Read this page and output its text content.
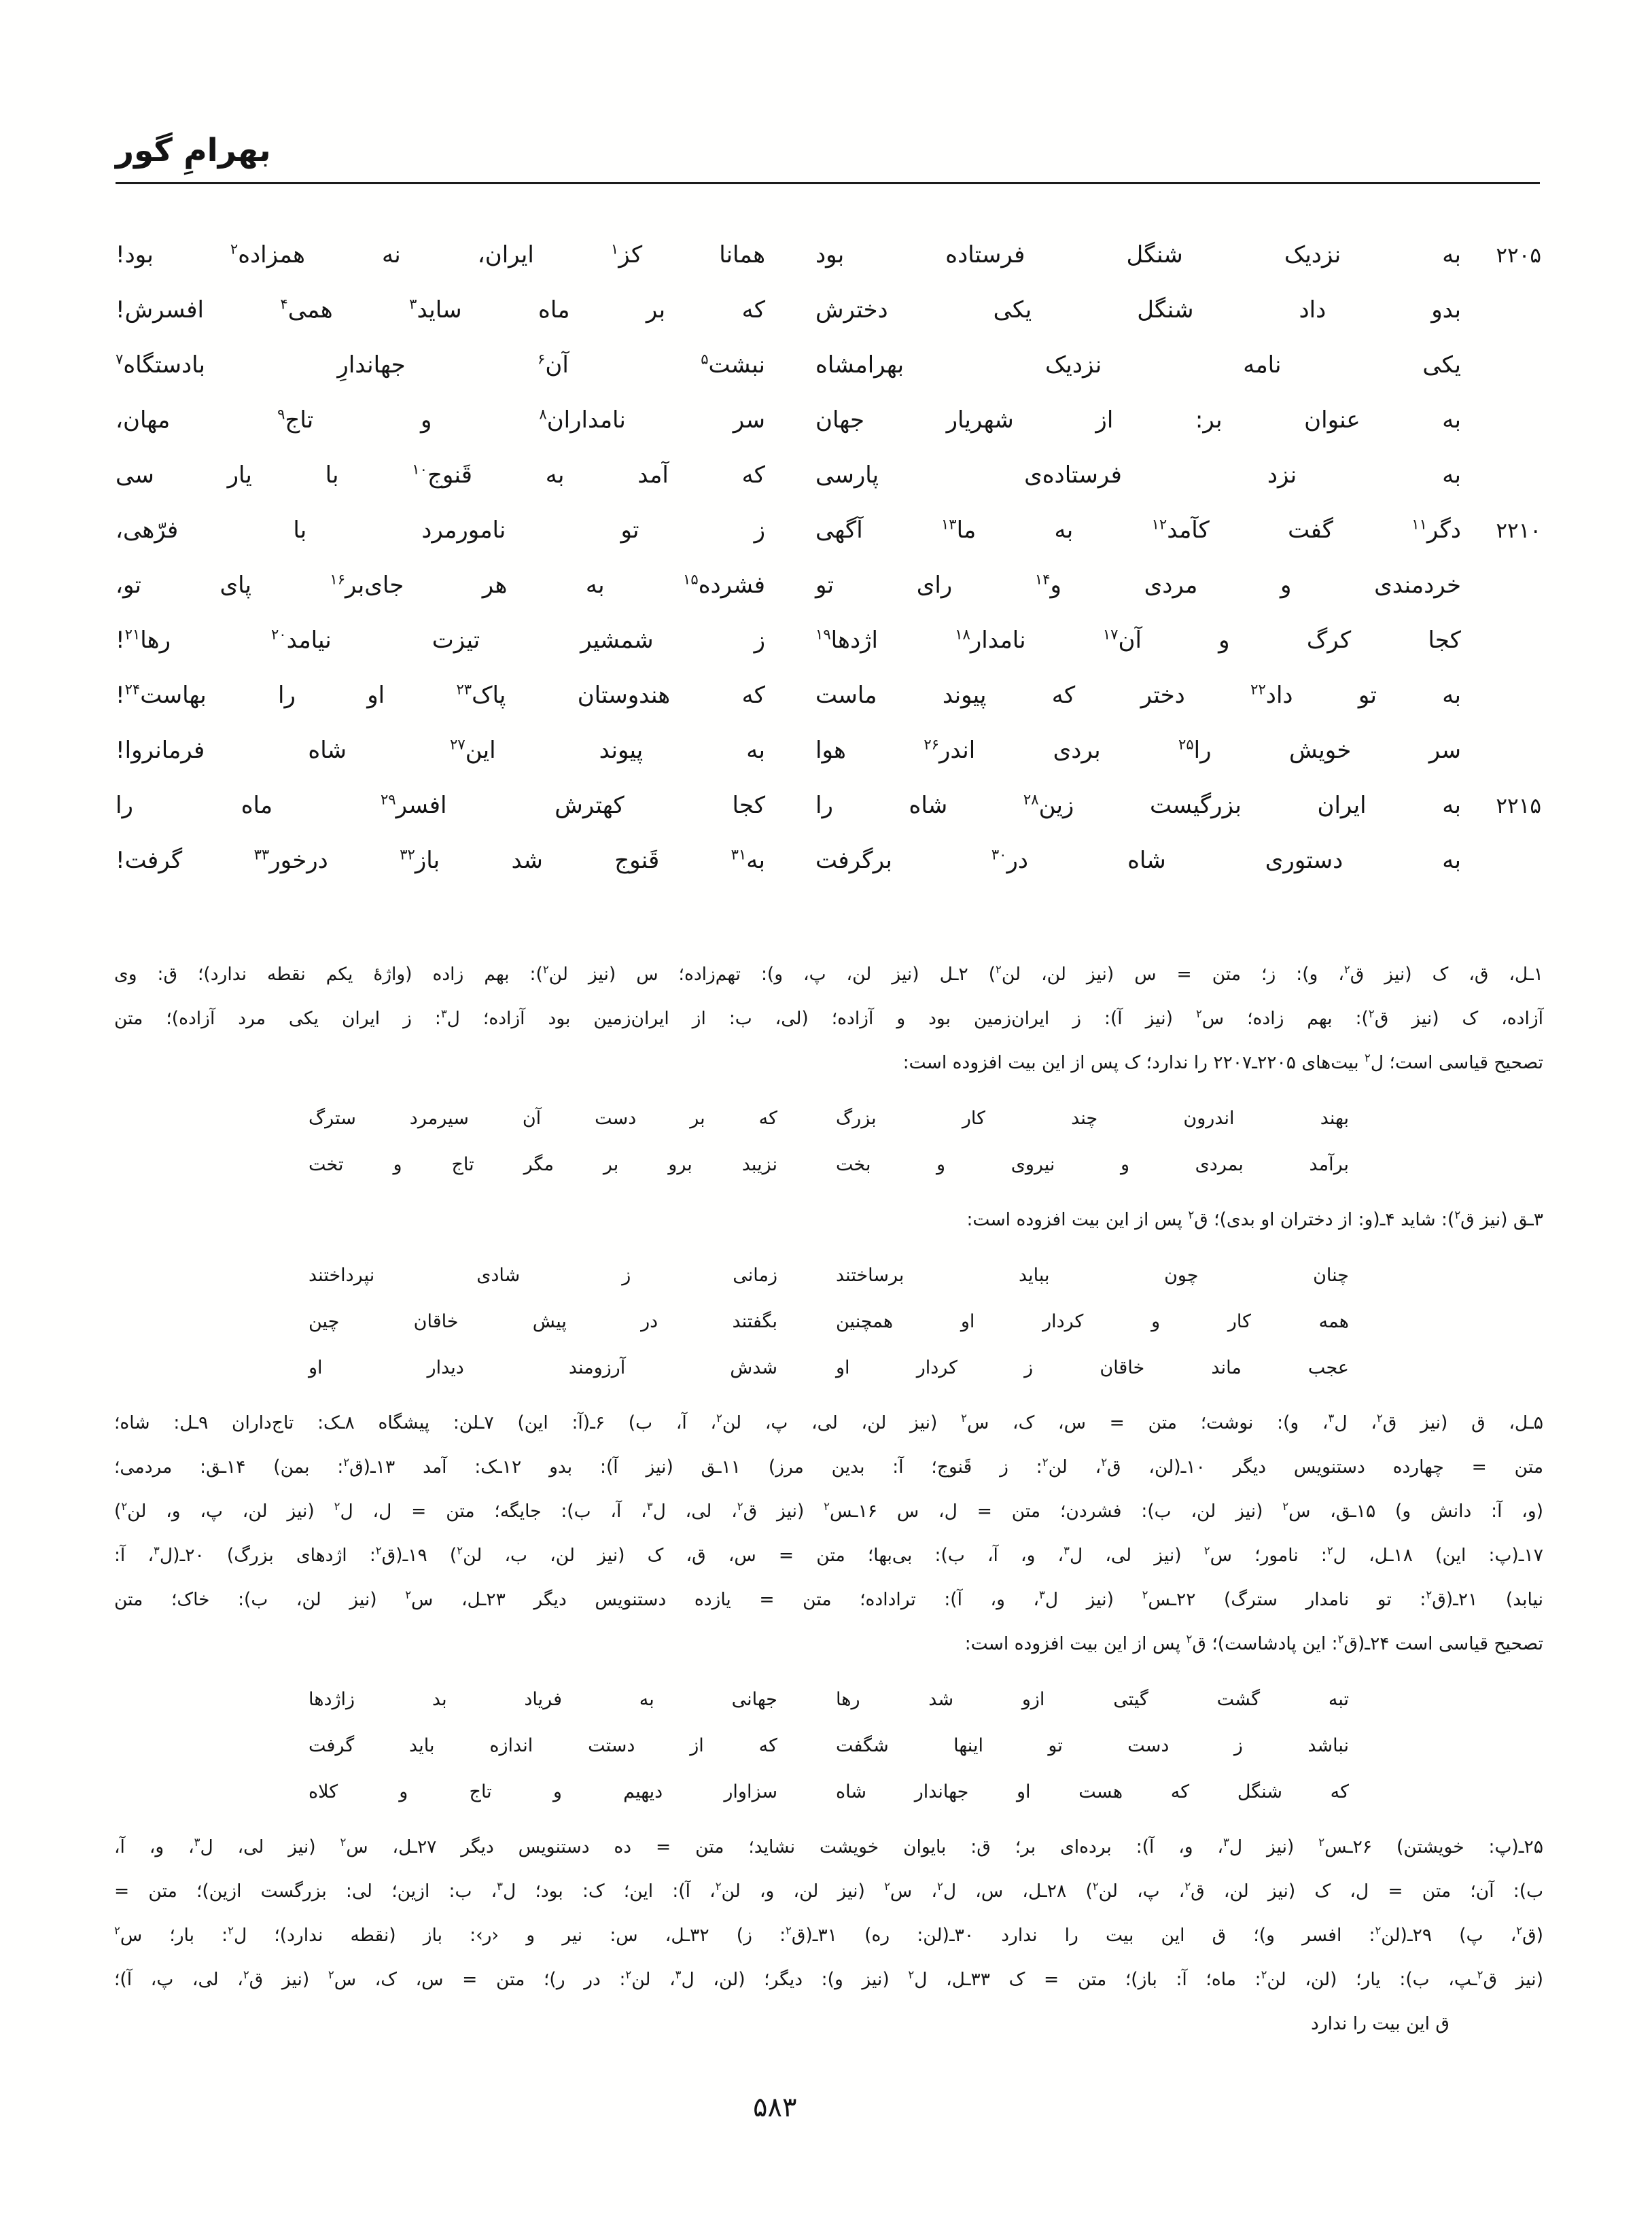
بهرامِ گور
۲۲۰۵
به نزدیک شنگل فرستاده بود
همانا کز$^۱$ ایران، نه همزاده$^۲$ بود!
بدو داد شنگل یکی دخترش
که بر ماه ساید$^۳$ همی$^۴$ افسرش!
یکی نامه نزدیک بهرامشاه
نبشت$^۵$ آن$^۶$ جهاندارِ بادستگاه$^۷$
به عنوان بر: از شهریار جهان
سر نامداران$^۸$ و تاج$^۹$ مهان،
به نزد فرستاده‌ی پارسی
که آمد به قَنوج$^{۱۰}$ با یار سی
۲۲۱۰
دگر$^{۱۱}$ گفت کآمد$^{۱۲}$ به ما$^{۱۳}$ آگهی
ز تو نامورمرد با فرّهی،
خردمندی و مردی و$^{۱۴}$ رای تو
فشرده$^{۱۵}$ به هر جای‌بر$^{۱۶}$ پای تو،
کجا کرگ و آن$^{۱۷}$ نامدار$^{۱۸}$ اژدها$^{۱۹}$
ز شمشیر تیزت نیامد$^{۲۰}$ رها$^{۲۱}$!
به تو داد$^{۲۲}$ دختر که پیوند ماست
که هندوستان پاک$^{۲۳}$ او را بهاست$^{۲۴}$!
سر خویش را$^{۲۵}$ بردی اندر$^{۲۶}$ هوا
به پیوند این$^{۲۷}$ شاه فرمانروا!
۲۲۱۵
به ایران بزرگیست زین$^{۲۸}$ شاه را
کجا کهترش افسر$^{۲۹}$ ماه را
به دستوری شاه در$^{۳۰}$ برگرفت
به$^{۳۱}$ قَنوج شد باز$^{۳۲}$ درخور$^{۳۳}$ گرفت!
۱ـل، ق، ک (نیز ق$^۲$، و): ز؛ متن = س (نیز لن، لن$^۲$) ۲ـل (نیز لن، پ، و): تهم‌زاده؛ س (نیز لن$^۲$): بهم زاده (واژهٔ یکم نقطه ندارد)؛ ق: وی
آزاده، ک (نیز ق$^۲$): بهم زاده؛ س$^۲$ (نیز آ): ز ایران‌زمین بود و آزاده؛ (لی، ب: از ایران‌زمین بود آزاده؛ ل$^۳$: ز ایران یکی مرد آزاده)؛ متن
تصحیح قیاسی است؛ ل$^۲$ بیت‌های ۲۲۰۵ـ۲۲۰۷ را ندارد؛ ک پس از این بیت افزوده است:
بهند اندرون چند کار بزرگ
که بر دست آن سیرمرد سترگ
برآمد بمردی و نیروی و بخت
نزیبد برو بر مگر تاج و تخت
۳ـق (نیز ق$^۲$): شاید ۴ـ(و: از دختران او بدی)؛ ق$^۲$ پس از این بیت افزوده است:
چنان چون بباید برساختند
زمانی ز شادی نپرداختند
همه کار و کردار او همچنین
بگفتند در پیش خاقان چین
عجب ماند خاقان ز کردار او
شدش آرزومند دیدار او
۵ـل، ق (نیز ق$^۲$، ل$^۳$، و): نوشت؛ متن = س، ک، س$^۲$ (نیز لن، لی، پ، لن$^۲$، آ، ب) ۶ـ(آ: این) ۷ـلن: پیشگاه ۸ـک: تاج‌داران ۹ـل: شاه؛
متن = چهارده دستنویس دیگر ۱۰ـ(لن، ق$^۲$، لن$^۲$: ز قَنوج؛ آ: بدین مرز) ۱۱ـق (نیز آ): بدو ۱۲ـک: آمد ۱۳ـ(ق$^۲$: بمن) ۱۴ـق: مردمی؛
(و، آ: دانش و) ۱۵ـق، س$^۲$ (نیز لن، ب): فشردن؛ متن = ل، س ۱۶ـس$^۲$ (نیز ق$^۲$، لی، ل$^۳$، آ، ب): جایگه؛ متن = ل، ل$^۲$ (نیز لن، پ، و، لن$^۲$)
۱۷ـ(پ: این) ۱۸ـل، ل$^۲$: نامور؛ س$^۲$ (نیز لی، ل$^۳$، و، آ، ب): بی‌بها؛ متن = س، ق، ک (نیز لن، ب، لن$^۲$) ۱۹ـ(ق$^۲$: اژدهای بزرگ) ۲۰ـ(ل$^۳$، آ:
نیابد) ۲۱ـ(ق$^۲$: تو نامدار سترگ) ۲۲ـس$^۲$ (نیز ل$^۳$، و، آ): تراداده؛ متن = یازده دستنویس دیگر ۲۳ـل، س$^۲$ (نیز لن، ب): خاک؛ متن
تصحیح قیاسی است ۲۴ـ(ق$^۲$: این پادشاست)؛ ق$^۲$ پس از این بیت افزوده است:
تبه گشت گیتی ازو شد رها
جهانی به فریاد بد زاژدها
نباشد ز دست تو اینها شگفت
که از دستت اندازه باید گرفت
که شنگل که هست او جهاندار شاه
سزاوار دیهیم و تاج و کلاه
۲۵ـ(پ: خویشتن) ۲۶ـس$^۲$ (نیز ل$^۳$، و، آ): برده‌ای بر؛ ق: بایوان خویشت نشاید؛ متن = ده دستنویس دیگر ۲۷ـل، س$^۲$ (نیز لی، ل$^۳$، و، آ،
ب): آن؛ متن = ل، ک (نیز لن، ق$^۲$، پ، لن$^۲$) ۲۸ـل، س، ل$^۲$، س$^۲$ (نیز لن، و، لن$^۲$، آ): این؛ ک: بود؛ ل$^۳$، ب: ازین؛ لی: بزرگست ازین)؛ متن =
(ق$^۲$، پ) ۲۹ـ(لن$^۲$: افسر و)؛ ق این بیت را ندارد ۳۰ـ(لن: ره) ۳۱ـ(ق$^۲$: ز) ۳۲ـل، س: نیر و ‹ر›: باز (نقطه ندارد)؛ ل$^۲$: بار؛ س$^۲$
(نیز ق$^۲$ـپ، ب): یار؛ (لن، لن$^۲$: ماه؛ آ: باز)؛ متن = ک ۳۳ـل، ل$^۲$ (نیز و): دیگر؛ (لن، ل$^۳$، لن$^۲$: در ر)؛ متن = س، ک، س$^۲$ (نیز ق$^۲$، لی، پ، آ)؛
ق این بیت را ندارد
۵۸۳
